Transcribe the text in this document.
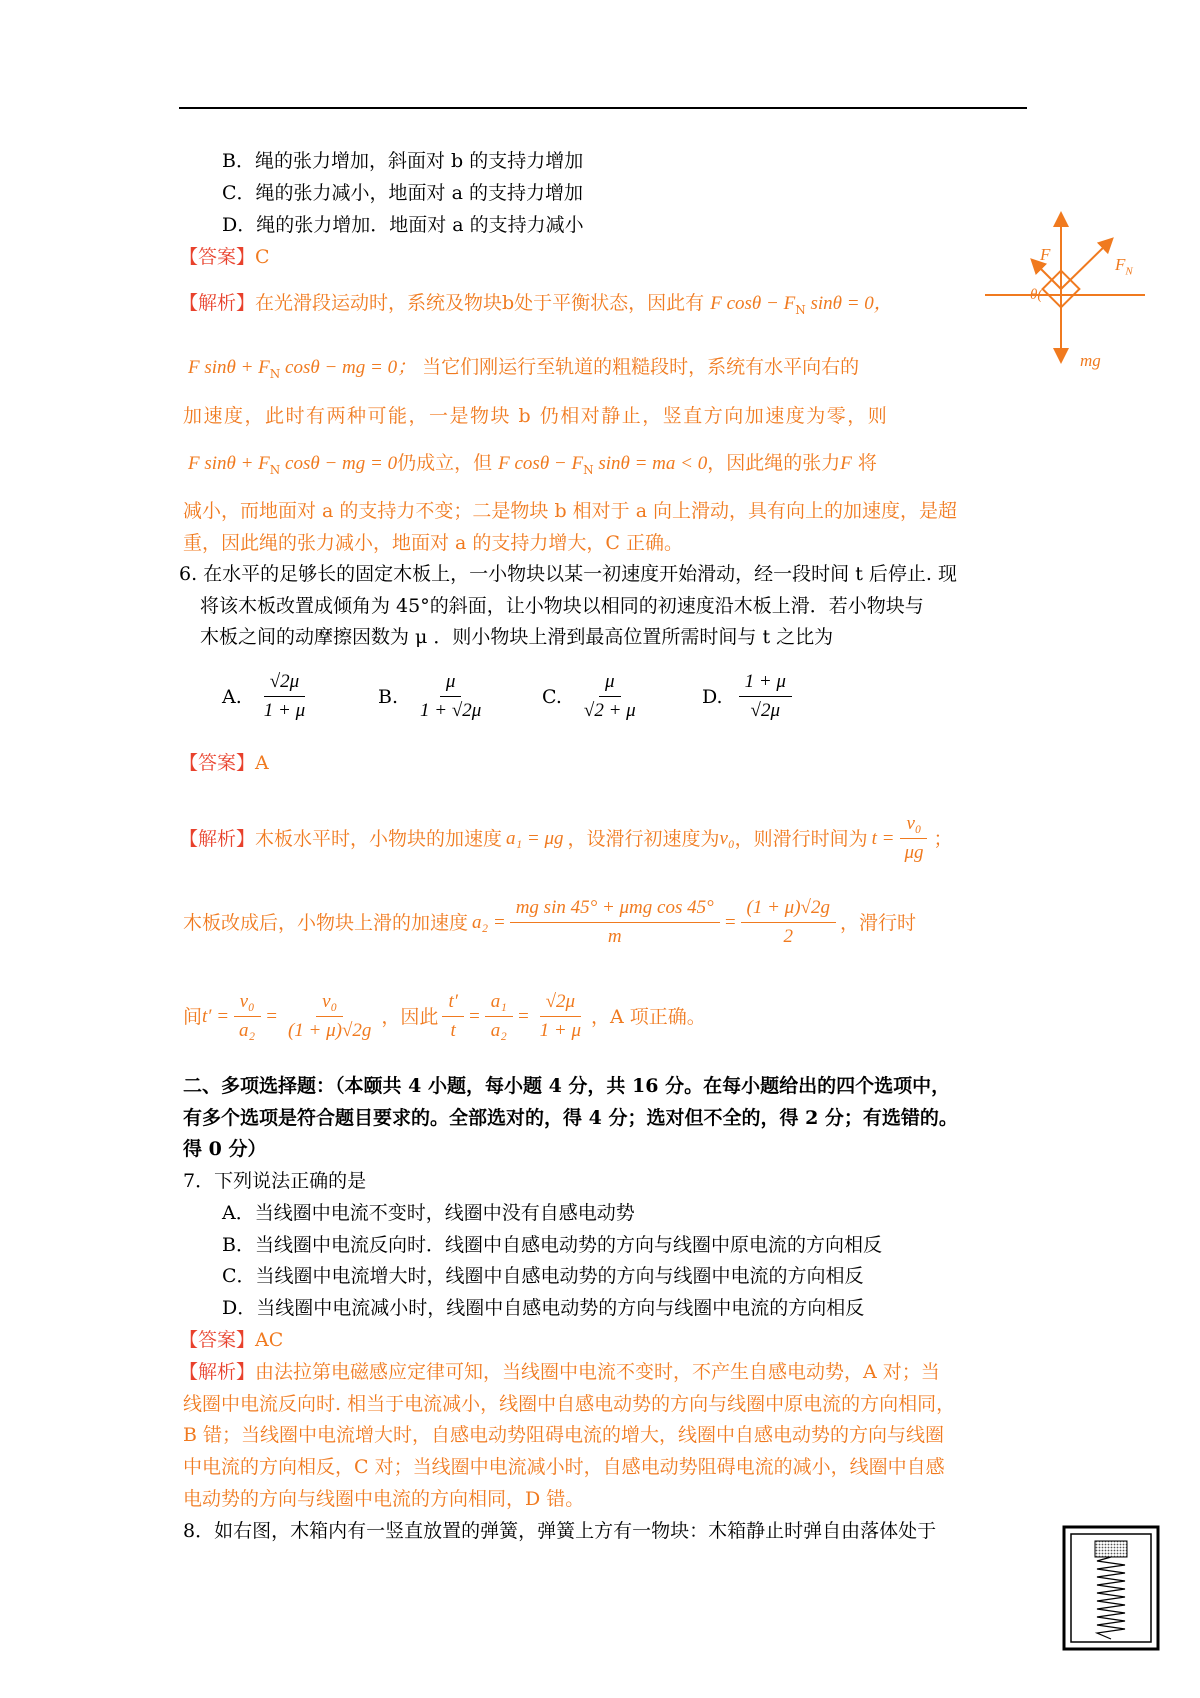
B．绳的张力增加，斜面对 b 的支持力增加
C．绳的张力减小，地面对 a 的支持力增加
D．绳的张力增加．地面对 a 的支持力减小
【答案】C
【解析】在光滑段运动时，系统及物块b处于平衡状态，因此有 F $\cos\theta - F_N$ sinθ = 0，
F $\sin\theta + F_N$ cosθ − mg = 0； 当它们刚运行至轨道的粗糙段时，系统有水平向右的
加速度，此时有两种可能，一是物块 b 仍相对静止，竖直方向加速度为零，则
F $\sin\theta + F_N$ cosθ − mg = 0仍成立，但 F $\cos\theta - F_N$ sinθ = ma < 0，因此绳的张力F 将
减小，而地面对 a 的支持力不变；二是物块 b 相对于 a 向上滑动，具有向上的加速度，是超
重，因此绳的张力减小，地面对 a 的支持力增大，C 正确。
F
$F_N$
θ(
mg
6. 在水平的足够长的固定木板上，一小物块以某一初速度开始滑动，经一段时间 t 后停止. 现
将该木板改置成倾角为 45°的斜面，让小物块以相同的初速度沿木板上滑．若小物块与
木板之间的动摩擦因数为 μ ．则小物块上滑到最高位置所需时间与 t 之比为
A. $\frac{√2\mu}{1 + \mu}$	B. $\frac{\mu}{1 + √2\mu}$	C. $\frac{\mu}{√2 + \mu}$	D. $\frac{1 + \mu}{√2\mu}$
【答案】A
【解析】 木板水平时，小物块的加速度 a₁ = μg ，设滑行初速度为 v₀ ，则滑行时间为 $t = \frac{\text{v₀}}{\mu g}$ ；
木板改成后，小物块上滑的加速度 $a_2 = \frac{\text{mg sin 45° + μmg cos 45°}}{m} = \frac{(1 + \mu)√2g}{2}$ ，滑行时
间 $t' = \frac{\text{v₀}}{\text{a₂}} = \frac{\text{v₀}}{(1 + \mu)√2g}$ ，因此 $\frac{t'}{t} = \frac{\text{a₁}}{\text{a₂}} = \frac{√2\mu}{1 + \mu}$ ，A 项正确。
二、多项选择题：（本颐共 4 小题，每小题 4 分，共 16 分。在每小题给出的四个选项中，
有多个选项是符合题目要求的。全部选对的，得 4 分；选对但不全的，得 2 分；有选错的。
得 0 分）
7．下列说法正确的是
A．当线圈中电流不变时，线圈中没有自感电动势
B．当线圈中电流反向时．线圈中自感电动势的方向与线圈中原电流的方向相反
C．当线圈中电流增大时，线圈中自感电动势的方向与线圈中电流的方向相反
D．当线圈中电流减小时，线圈中自感电动势的方向与线圈中电流的方向相反
【答案】AC
【解析】由法拉第电磁感应定律可知，当线圈中电流不变时，不产生自感电动势，A 对；当
线圈中电流反向时. 相当于电流减小，线圈中自感电动势的方向与线圈中原电流的方向相同，
B 错；当线圈中电流增大时，自感电动势阻碍电流的增大，线圈中自感电动势的方向与线圈
中电流的方向相反，C 对；当线圈中电流减小时，自感电动势阻碍电流的减小，线圈中自感
电动势的方向与线圈中电流的方向相同，D 错。
8．如右图，木箱内有一竖直放置的弹簧，弹簧上方有一物块：木箱静止时弹自由落体处于
